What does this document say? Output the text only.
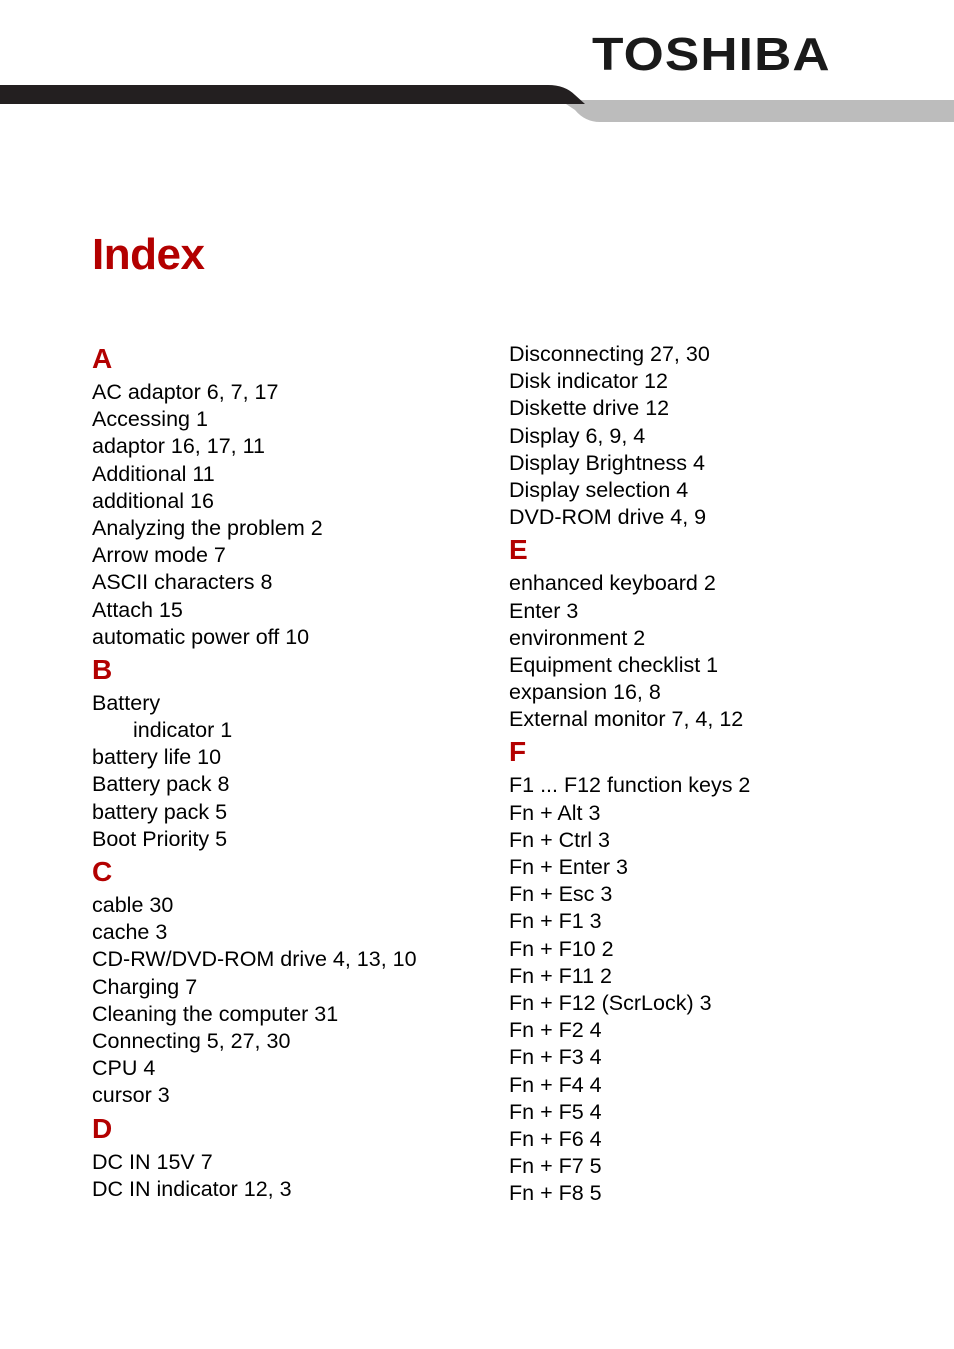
TOSHIBA
Index
A
AC adaptor 6, 7, 17
Accessing 1
adaptor 16, 17, 11
Additional 11
additional 16
Analyzing the problem 2
Arrow mode 7
ASCII characters 8
Attach 15
automatic power off 10
B
Battery
indicator 1
battery life 10
Battery pack 8
battery pack 5
Boot Priority 5
C
cable 30
cache 3
CD-RW/DVD-ROM drive 4, 13, 10
Charging 7
Cleaning the computer 31
Connecting 5, 27, 30
CPU 4
cursor 3
D
DC IN 15V 7
DC IN indicator 12, 3
Disconnecting 27, 30
Disk indicator 12
Diskette drive 12
Display 6, 9, 4
Display Brightness 4
Display selection 4
DVD-ROM drive 4, 9
E
enhanced keyboard 2
Enter 3
environment 2
Equipment checklist 1
expansion 16, 8
External monitor 7, 4, 12
F
F1 ... F12 function keys 2
Fn + Alt 3
Fn + Ctrl 3
Fn + Enter 3
Fn + Esc 3
Fn + F1 3
Fn + F10 2
Fn + F11 2
Fn + F12 (ScrLock) 3
Fn + F2 4
Fn + F3 4
Fn + F4 4
Fn + F5 4
Fn + F6 4
Fn + F7 5
Fn + F8 5
